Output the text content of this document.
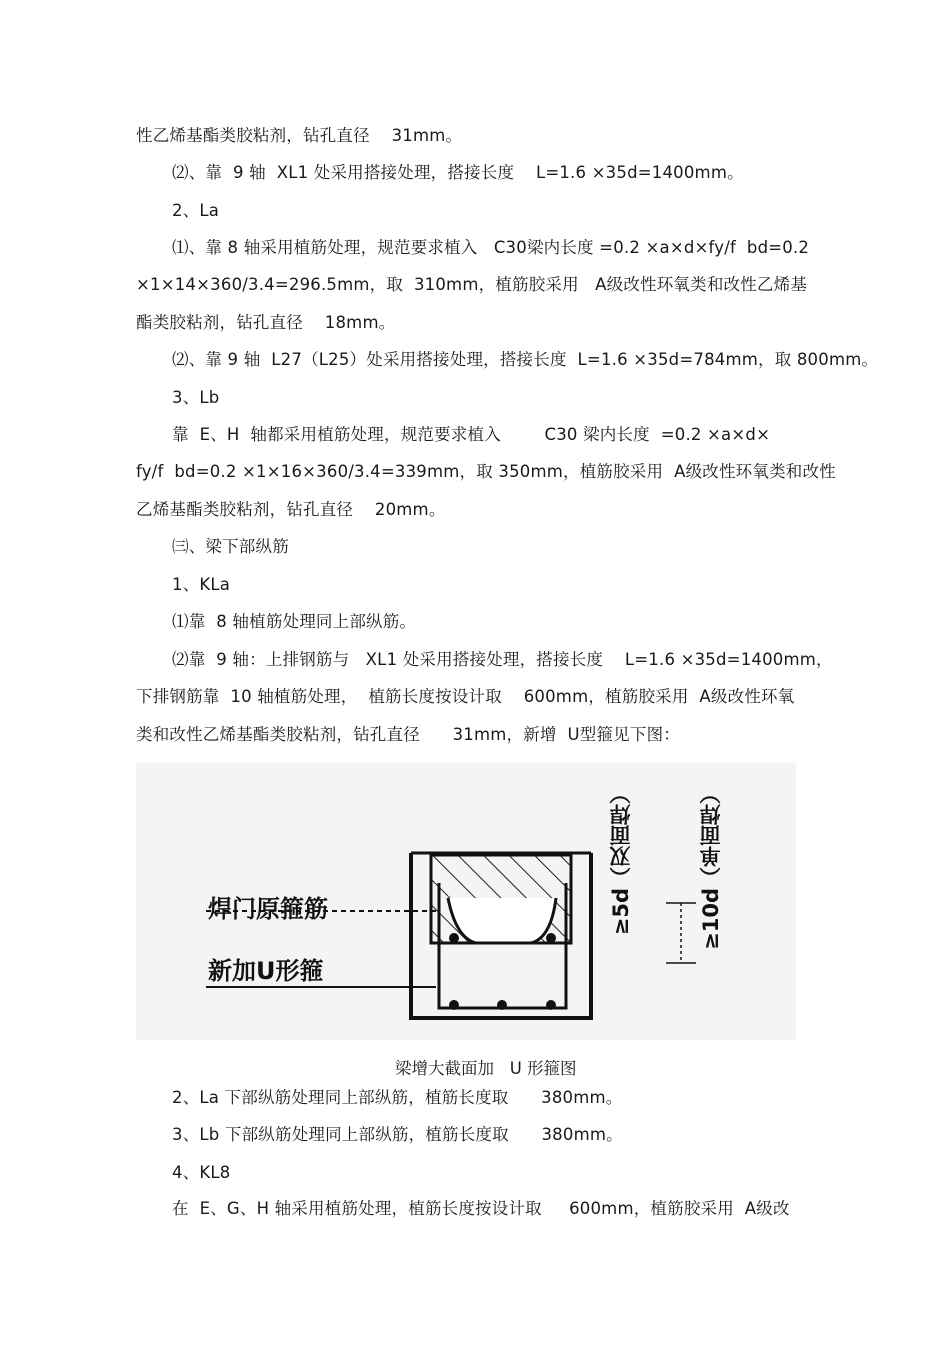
性乙烯基酯类胶粘剂，钻孔直径    31mm。
⑵、靠  9 轴  XL1 处采用搭接处理，搭接长度    L=1.6 ×35d=1400mm。
2、La
⑴、靠 8 轴采用植筋处理，规范要求植入   C30梁内长度 =0.2 ×a×d×fy/f  bd=0.2
×1×14×360/3.4=296.5mm，取  310mm，植筋胶采用   A级改性环氧类和改性乙烯基
酯类胶粘剂，钻孔直径    18mm。
⑵、靠 9 轴  L27（L25）处采用搭接处理，搭接长度  L=1.6 ×35d=784mm，取 800mm。
3、Lb
靠  E、H  轴都采用植筋处理，规范要求植入        C30 梁内长度  =0.2 ×a×d×
fy/f  bd=0.2 ×1×16×360/3.4=339mm，取 350mm，植筋胶采用  A级改性环氧类和改性
乙烯基酯类胶粘剂，钻孔直径    20mm。
㈢、梁下部纵筋
1、KLa
⑴靠  8 轴植筋处理同上部纵筋。
⑵靠  9 轴：上排钢筋与   XL1 处采用搭接处理，搭接长度    L=1.6 ×35d=1400mm，
下排钢筋靠  10 轴植筋处理，  植筋长度按设计取    600mm，植筋胶采用  A级改性环氧
类和改性乙烯基酯类胶粘剂，钻孔直径      31mm，新增  U型箍见下图：
焊门原箍筋
新加U形箍
≥5d（双面焊）	≥10d（单面焊）
梁增大截面加   U 形箍图
2、La 下部纵筋处理同上部纵筋，植筋长度取      380mm。
3、Lb 下部纵筋处理同上部纵筋，植筋长度取      380mm。
4、KL8
在  E、G、H 轴采用植筋处理，植筋长度按设计取     600mm，植筋胶采用  A级改
